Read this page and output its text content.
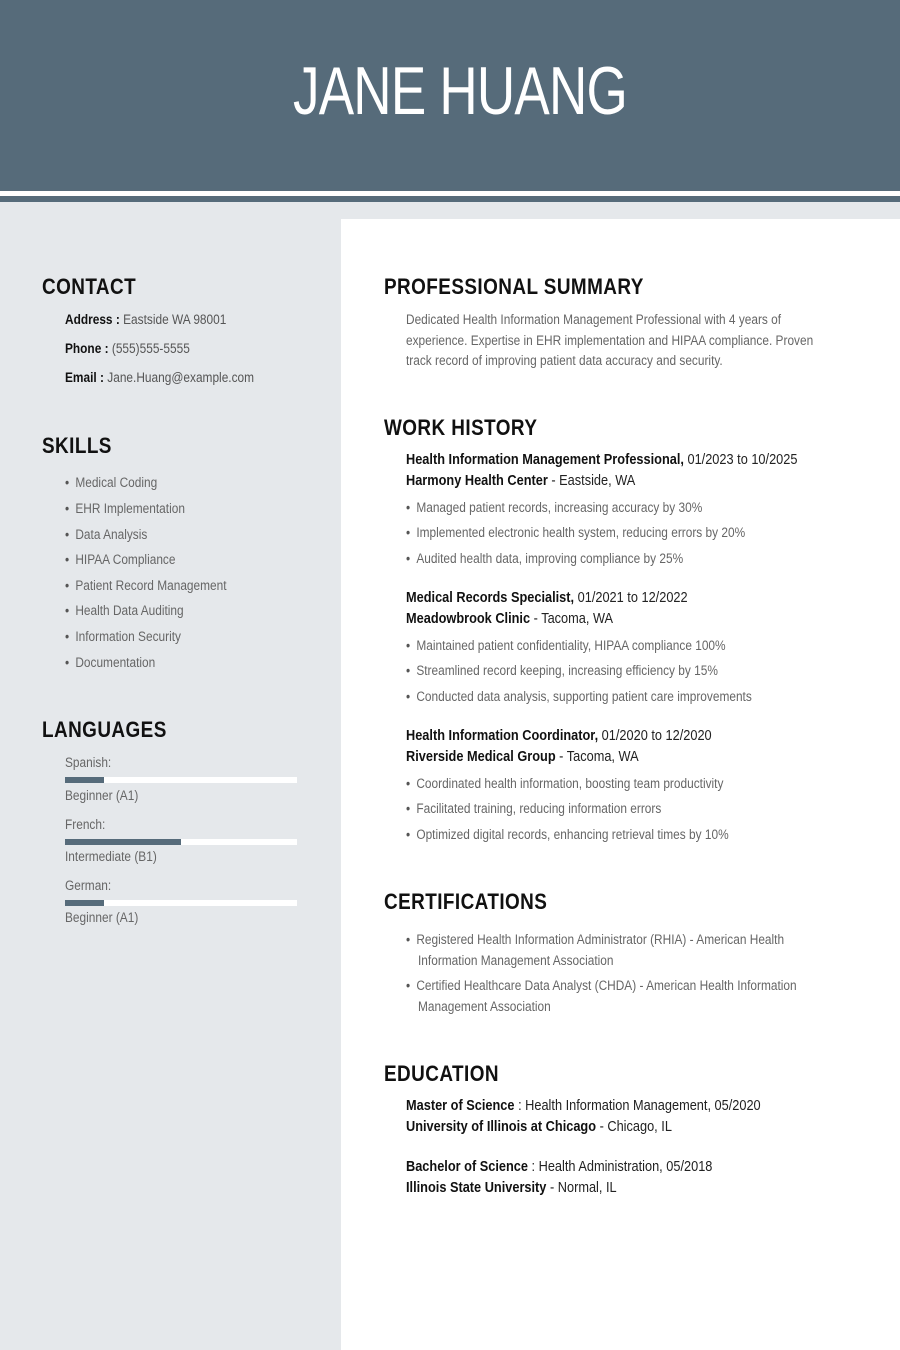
JANE HUANG
CONTACT
Address : Eastside WA 98001
Phone : (555)555-5555
Email : Jane.Huang@example.com
SKILLS
• Medical Coding
• EHR Implementation
• Data Analysis
• HIPAA Compliance
• Patient Record Management
• Health Data Auditing
• Information Security
• Documentation
LANGUAGES
Spanish:
Beginner (A1)
French:
Intermediate (B1)
German:
Beginner (A1)
PROFESSIONAL SUMMARY
Dedicated Health Information Management Professional with 4 years of
experience. Expertise in EHR implementation and HIPAA compliance. Proven
track record of improving patient data accuracy and security.
WORK HISTORY
Health Information Management Professional, 01/2023 to 10/2025
Harmony Health Center - Eastside, WA
• Managed patient records, increasing accuracy by 30%
• Implemented electronic health system, reducing errors by 20%
• Audited health data, improving compliance by 25%
Medical Records Specialist, 01/2021 to 12/2022
Meadowbrook Clinic - Tacoma, WA
• Maintained patient confidentiality, HIPAA compliance 100%
• Streamlined record keeping, increasing efficiency by 15%
• Conducted data analysis, supporting patient care improvements
Health Information Coordinator, 01/2020 to 12/2020
Riverside Medical Group - Tacoma, WA
• Coordinated health information, boosting team productivity
• Facilitated training, reducing information errors
• Optimized digital records, enhancing retrieval times by 10%
CERTIFICATIONS
• Registered Health Information Administrator (RHIA) - American Health
Information Management Association
• Certified Healthcare Data Analyst (CHDA) - American Health Information
Management Association
EDUCATION
Master of Science : Health Information Management, 05/2020
University of Illinois at Chicago - Chicago, IL
Bachelor of Science : Health Administration, 05/2018
Illinois State University - Normal, IL
